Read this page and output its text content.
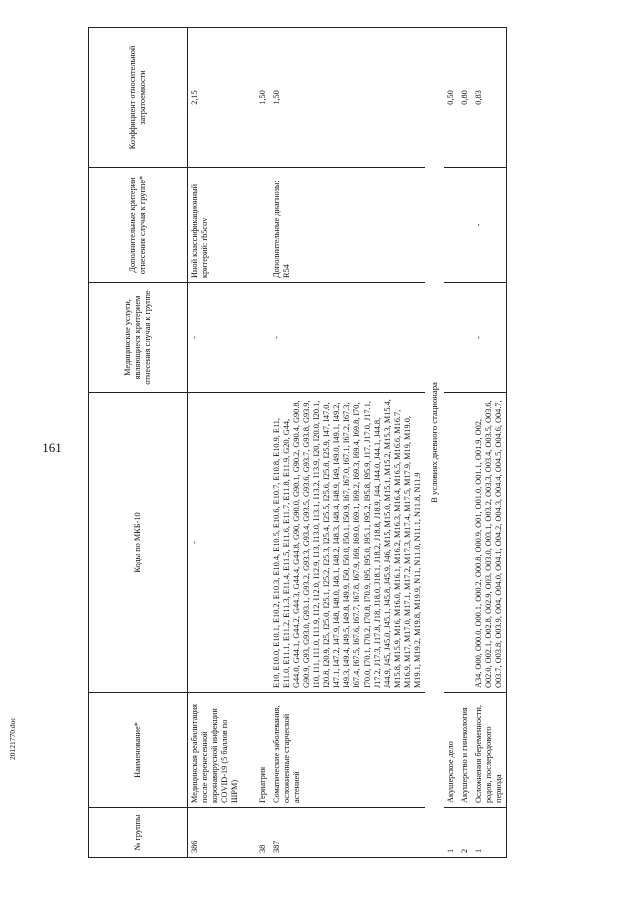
161
20121770.doc
№ группы	Наименование*	Коды по МКБ-10	Медицинские услуги, являющиеся критерием отнесения случая к группе	Дополнительные критерии отнесения случая к группе*	Коэффициент относительной затратоемкости
386	Медицинская реабилитация после перенесенной коронавирусной инфекции COVID-19 (5 баллов по ШРМ)	-	-	Иной классификационный критерий: rb5cov	2,15
38	Гериатрия				1,50
387	Соматические заболевания, осложненные старческой астенией	E10, E10.0, E10.1, E10.2, E10.3, E10.4, E10.5, E10.6, E10.7, E10.8, E10.9, E11, E11.0, E11.1, E11.2, E11.3, E11.4, E11.5, E11.6, E11.7, E11.8, E11.9, G20, G44, G44.0, G44.1, G44.2, G44.3, G44.4, G44.8, G90, G90.0, G90.1, G90.2, G90.4, G90.8, G90.9, G93, G93.0, G93.1, G93.2, G93.3, G93.4, G93.5, G93.6, G93.7, G93.8, G93.9, I10, I11, I11.0, I11.9, I12, I12.0, I12.9, I13, I13.0, I13.1, I13.2, I13.9, I20, I20.0, I20.1, I20.8, I20.9, I25, I25.0, I25.1, I25.2, I25.3, I25.4, I25.5, I25.6, I25.8, I25.9, I47, I47.0, I47.1, I47.2, I47.9, I48, I48.0, I48.1, I48.2, I48.3, I48.4, I48.9, I49, I49.0, I49.1, I49.2, I49.3, I49.4, I49.5, I49.8, I49.9, I50, I50.0, I50.1, I50.9, I67, I67.0, I67.1, I67.2, I67.3, I67.4, I67.5, I67.6, I67.7, I67.8, I67.9, I69, I69.0, I69.1, I69.2, I69.3, I69.4, I69.8, I70, I70.0, I70.1, I70.2, I70.8, I70.9, I95, I95.0, I95.1, I95.2, I95.8, I95.9, J17, J17.0, J17.1, J17.2, J17.3, J17.8, J18, J18.0, J18.1, J18.2, J18.8, J18.9, J44, J44.0, J44.1, J44.8, J44.9, J45, J45.0, J45.1, J45.8, J45.9, J46, M15, M15.0, M15.1, M15.2, M15.3, M15.4, M15.8, M15.9, M16, M16.0, M16.1, M16.2, M16.3, M16.4, M16.5, M16.6, M16.7, M16.9, M17, M17.0, M17.1, M17.2, M17.3, M17.4, M17.5, M17.9, M19, M19.0, M19.1, M19.2, M19.8, M19.9, N11, N11.0, N11.1, N11.8, N11.9	-	Дополнительные диагнозы: R54	1,50
В условиях дневного стационара					
1	Акушерское дело				0,50
2	Акушерство и гинекология				0,80
1	Осложнения беременности, родов, послеродового периода	A34, O00, O00.0, O00.1, O00.2, O00.8, O00.9, O01, O01.0, O01.1, O01.9, O02, O02.0, O02.1, O02.8, O02.9, O03, O03.0, O03.1, O03.2, O03.3, O03.4, O03.5, O03.6, O03.7, O03.8, O03.9, O04, O04.0, O04.1, O04.2, O04.3, O04.4, O04.5, O04.6, O04.7,	-	-	0,83
